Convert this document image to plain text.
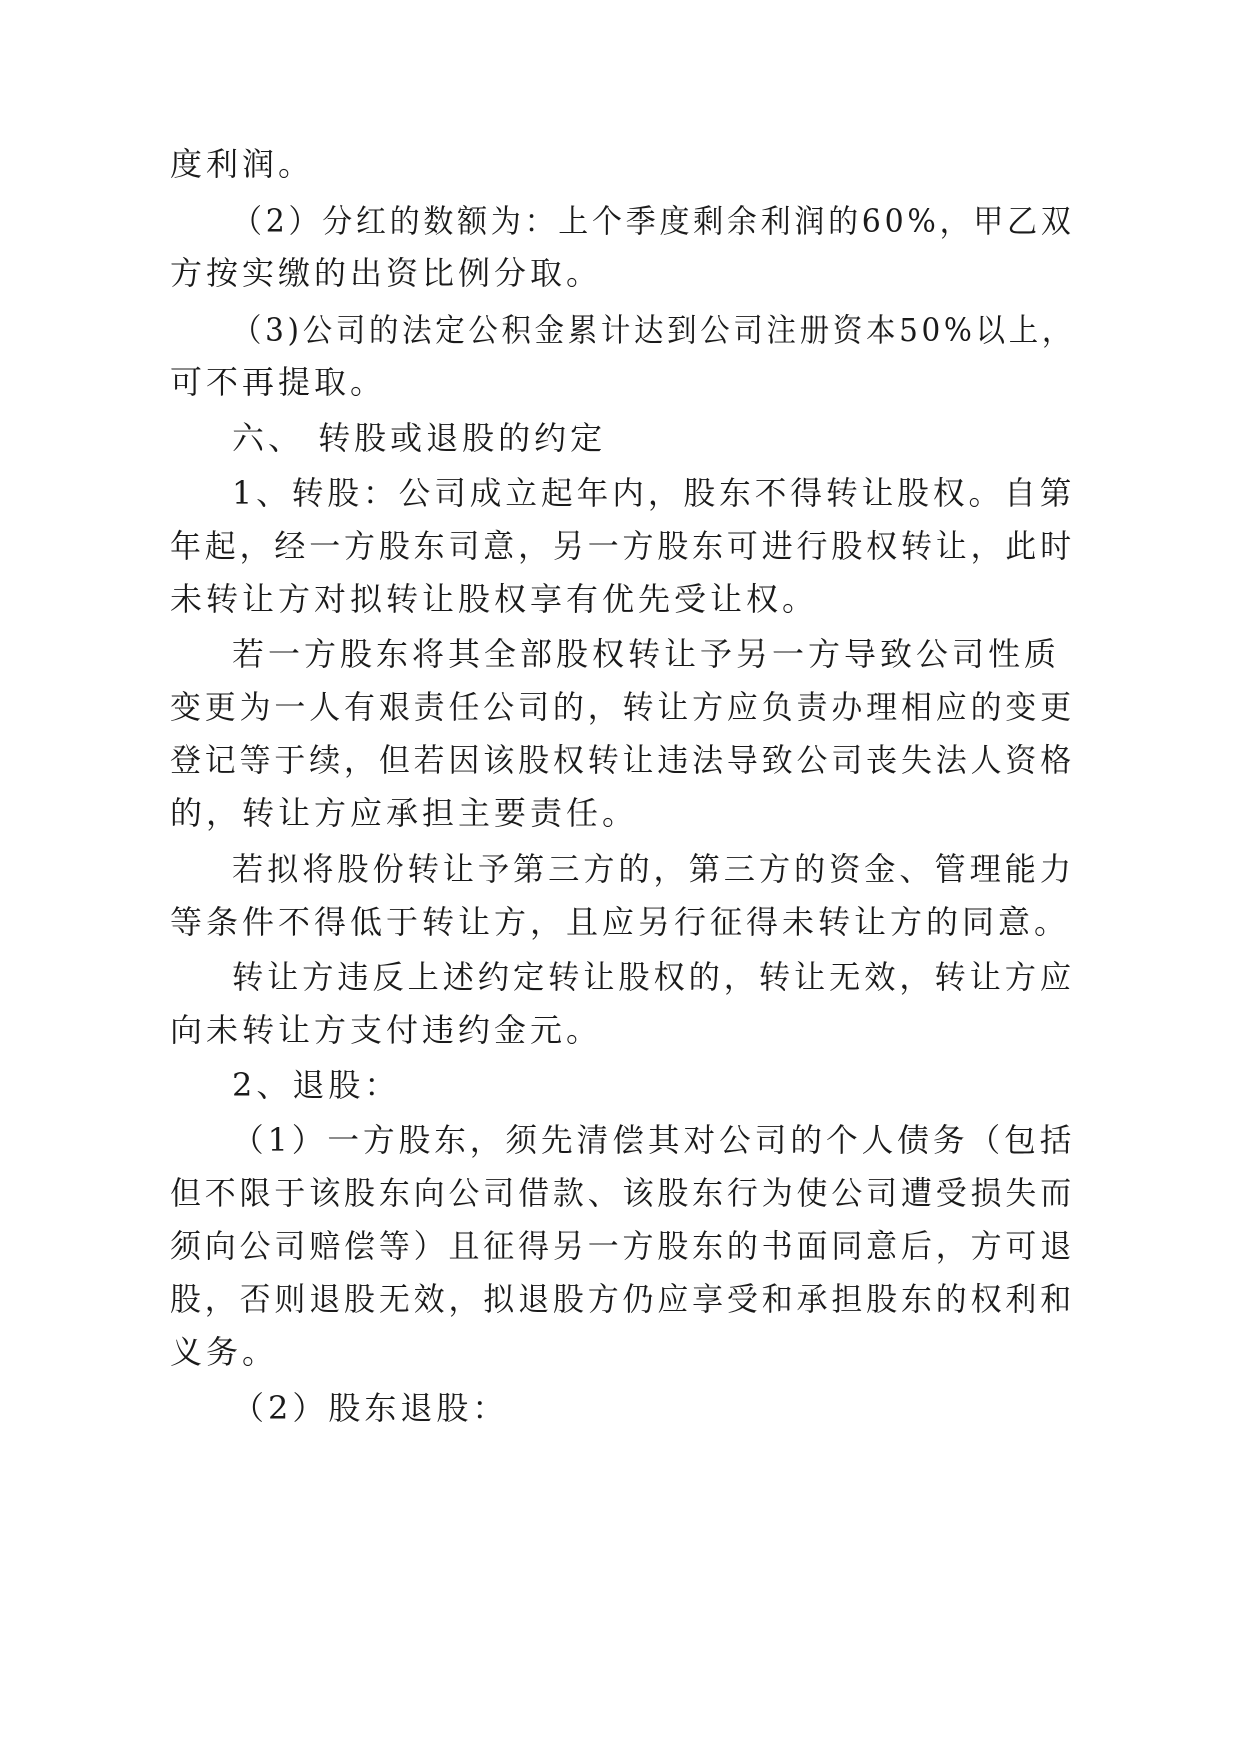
度利润。
（2）分红的数额为：上个季度剩余利润的60%，甲乙双
方按实缴的出资比例分取。
（3)公司的法定公积金累计达到公司注册资本50%以上，
可不再提取。
六、 转股或退股的约定
1、转股：公司成立起年内，股东不得转让股权。自第
年起，经一方股东司意，另一方股东可进行股权转让，此时
未转让方对拟转让股权享有优先受让权。
若一方股东将其全部股权转让予另一方导致公司性质
变更为一人有艰责任公司的，转让方应负责办理相应的变更
登记等于续，但若因该股权转让违法导致公司丧失法人资格
的，转让方应承担主要责任。
若拟将股份转让予第三方的，第三方的资金、管理能力
等条件不得低于转让方，且应另行征得未转让方的同意。
转让方违反上述约定转让股权的，转让无效，转让方应
向未转让方支付违约金元。
2、退股：
（1）一方股东，须先清偿其对公司的个人债务（包括
但不限于该股东向公司借款、该股东行为使公司遭受损失而
须向公司赔偿等）且征得另一方股东的书面同意后，方可退
股，否则退股无效，拟退股方仍应享受和承担股东的权利和
义务。
（2）股东退股：
